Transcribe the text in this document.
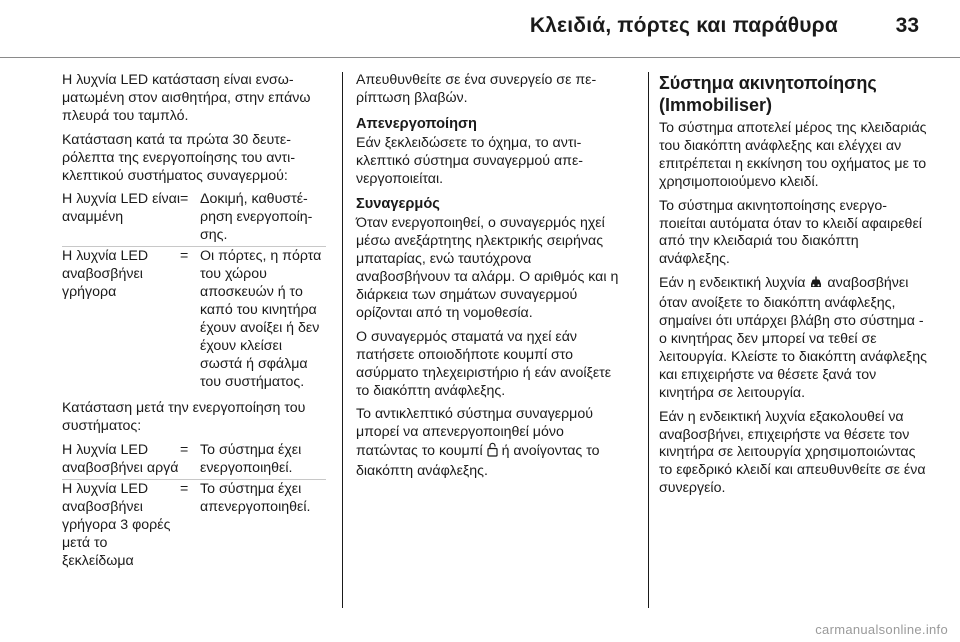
Κλειδιά, πόρτες και παράθυρα	33

Η λυχνία LED κατάσταση είναι ενσωματωμένη στον αισθητήρα, στην επάνω πλευρά του ταμπλό.

Κατάσταση κατά τα πρώτα 30 δευτερόλεπτα της ενεργοποίησης του αντικλεπτικού συστήματος συναγερμού:

Η λυχνία LED είναι αναμμένη
= Δοκιμή, καθυστέρηση ενεργοποίησης.
Η λυχνία LED αναβοσβήνει γρήγορα
= Οι πόρτες, η πόρτα του χώρου αποσκευών ή το καπό του κινητήρα έχουν ανοίξει ή δεν έχουν κλείσει σωστά ή σφάλμα του συστήματος.

Κατάσταση μετά την ενεργοποίηση του συστήματος:

Η λυχνία LED αναβοσβήνει αργά
= Το σύστημα έχει ενεργοποιηθεί.
Η λυχνία LED αναβοσβήνει γρήγορα 3 φορές μετά το ξεκλείδωμα
= Το σύστημα έχει απενεργοποιηθεί.

Απευθυνθείτε σε ένα συνεργείο σε περίπτωση βλαβών.

Απενεργοποίηση

Εάν ξεκλειδώσετε το όχημα, το αντικλεπτικό σύστημα συναγερμού απενεργοποιείται.

Συναγερμός

Όταν ενεργοποιηθεί, ο συναγερμός ηχεί μέσω ανεξάρτητης ηλεκτρικής σειρήνας μπαταρίας, ενώ ταυτόχρονα αναβοσβήνουν τα αλάρμ. Ο αριθμός και η διάρκεια των σημάτων συναγερμού ορίζονται από τη νομοθεσία.

Ο συναγερμός σταματά να ηχεί εάν πατήσετε οποιοδήποτε κουμπί στο ασύρματο τηλεχειριστήριο ή εάν ανοίξετε το διακόπτη ανάφλεξης.

Το αντικλεπτικό σύστημα συναγερμού μπορεί να απενεργοποιηθεί μόνο πατώντας το κουμπί ή ανοίγοντας το διακόπτη ανάφλεξης.

Σύστημα ακινητοποίησης (Immobiliser)

Το σύστημα αποτελεί μέρος της κλειδαριάς του διακόπτη ανάφλεξης και ελέγχει αν επιτρέπεται η εκκίνηση του οχήματος με το χρησιμοποιούμενο κλειδί.

Το σύστημα ακινητοποίησης ενεργοποιείται αυτόματα όταν το κλειδί αφαιρεθεί από την κλειδαριά του διακόπτη ανάφλεξης.

Εάν η ενδεικτική λυχνία αναβοσβήνει όταν ανοίξετε το διακόπτη ανάφλεξης, σημαίνει ότι υπάρχει βλάβη στο σύστημα - ο κινητήρας δεν μπορεί να τεθεί σε λειτουργία. Κλείστε το διακόπτη ανάφλεξης και επιχειρήστε να θέσετε ξανά τον κινητήρα σε λειτουργία.

Εάν η ενδεικτική λυχνία εξακολουθεί να αναβοσβήνει, επιχειρήστε να θέσετε τον κινητήρα σε λειτουργία χρησιμοποιώντας το εφεδρικό κλειδί και απευθυνθείτε σε ένα συνεργείο.

carmanualsonline.info
